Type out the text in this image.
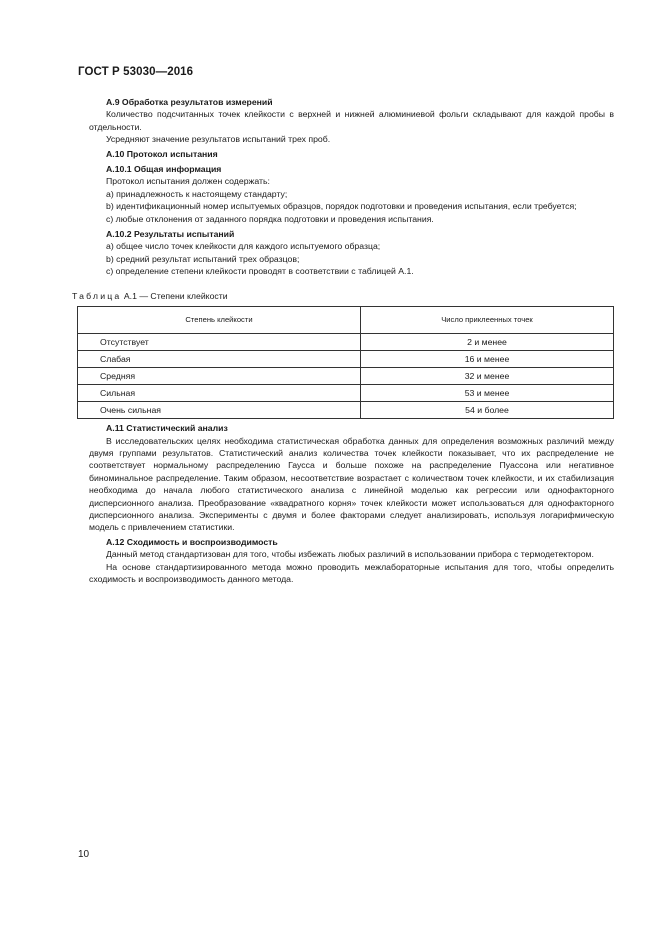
ГОСТ Р 53030—2016
А.9 Обработка результатов измерений

Количество подсчитанных точек клейкости с верхней и нижней алюминиевой фольги складывают для каждой пробы в отдельности.

Усредняют значение результатов испытаний трех проб.

А.10 Протокол испытания
А.10.1 Общая информация

Протокол испытания должен содержать:

а) принадлежность к настоящему стандарту;

b) идентификационный номер испытуемых образцов, порядок подготовки и проведения испытания, если требуется;

с) любые отклонения от заданного порядка подготовки и проведения испытания.

А.10.2 Результаты испытаний

а) общее число точек клейкости для каждого испытуемого образца;

b) средний результат испытаний трех образцов;

с) определение степени клейкости проводят в соответствии с таблицей А.1.

Таблица А.1 — Степени клейкости
Степень клейкости	Число приклеенных точек
Отсутствует	2 и менее
Слабая	16 и менее
Средняя	32 и менее
Сильная	53 и менее
Очень сильная	54 и более
А.11 Статистический анализ

В исследовательских целях необходима статистическая обработка данных для определения возможных различий между двумя группами результатов. Статистический анализ количества точек клейкости показывает, что их распределение не соответствует нормальному распределению Гаусса и больше похоже на распределение Пуассона или негативное биноминальное распределение. Таким образом, несоответствие возрастает с количеством точек клейкости, и их стабилизация необходима до начала любого статистического анализа с линейной моделью как регрессии или однофакторного дисперсионного анализа. Преобразование «квадратного корня» точек клейкости может использоваться для однофакторного дисперсионного анализа. Эксперименты с двумя и более факторами следует анализировать, используя логарифмическую модель с привлечением статистики.

А.12 Сходимость и воспроизводимость

Данный метод стандартизован для того, чтобы избежать любых различий в использовании прибора с термодетектором.

На основе стандартизированного метода можно проводить межлабораторные испытания для того, чтобы определить сходимость и воспроизводимость данного метода.

10
